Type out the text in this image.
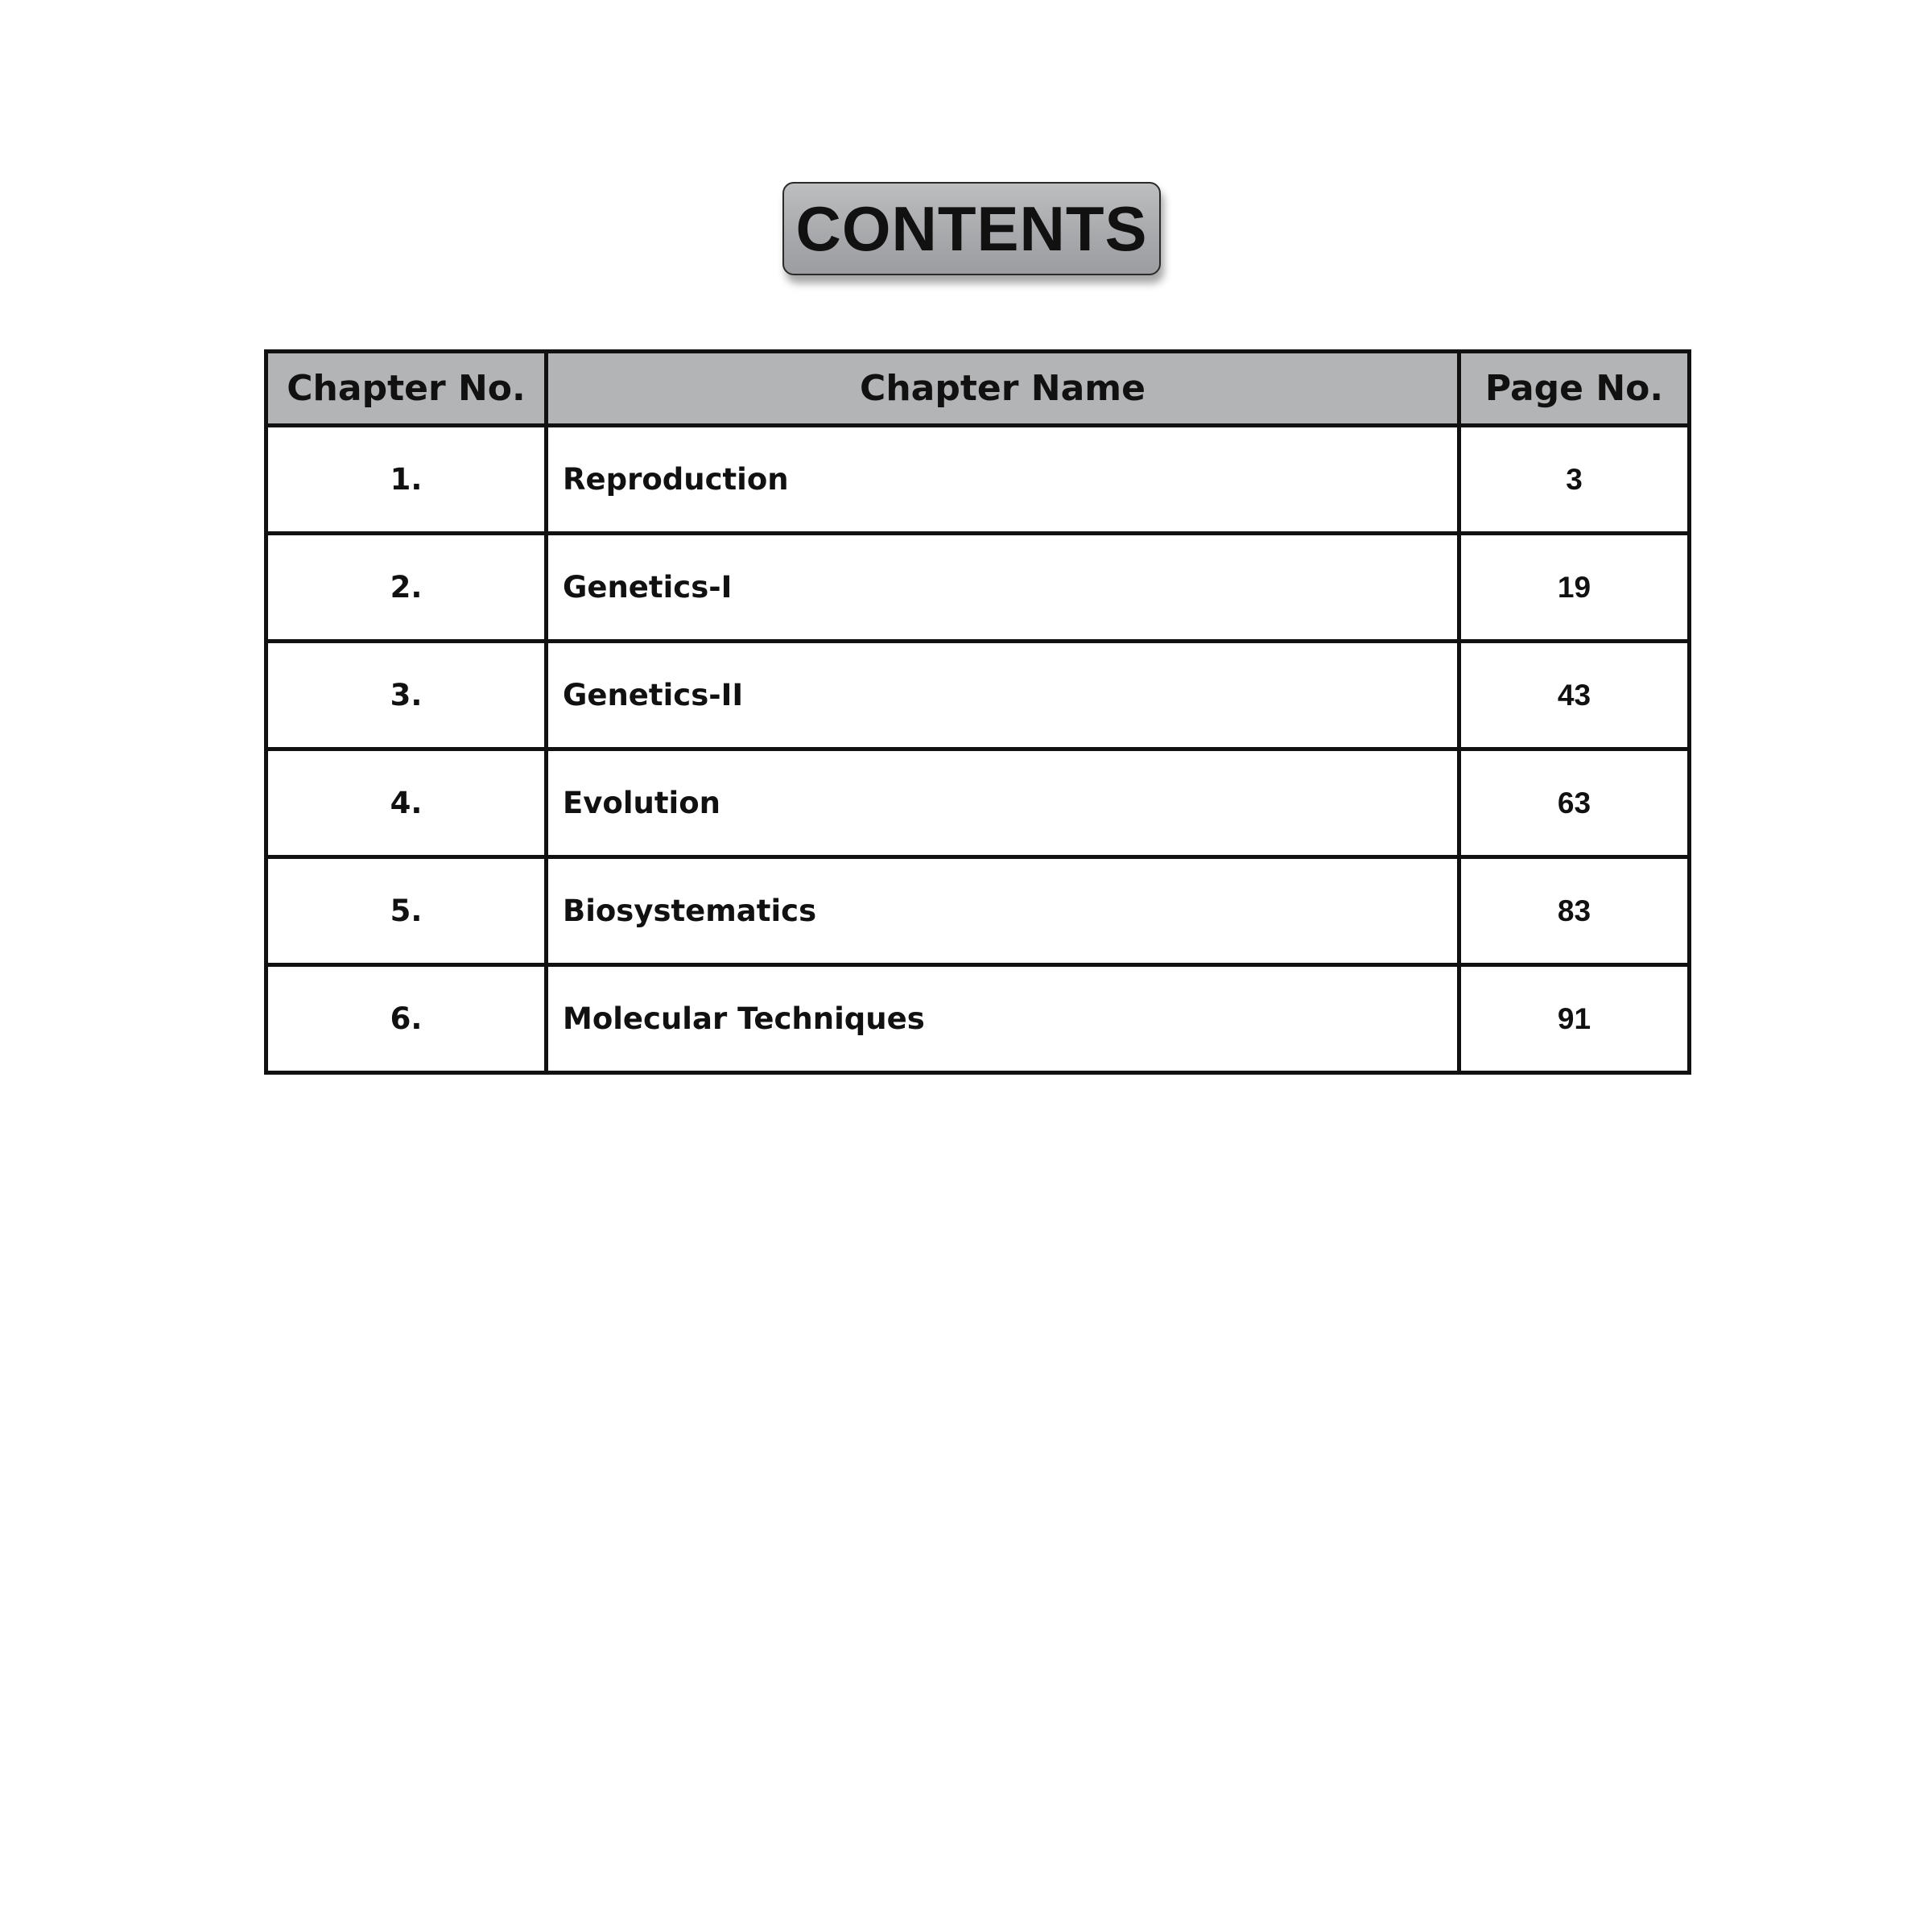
CONTENTS
Chapter No.	Chapter Name	Page No.
1.	Reproduction	3
2.	Genetics-I	19
3.	Genetics-II	43
4.	Evolution	63
5.	Biosystematics	83
6.	Molecular Techniques	91
